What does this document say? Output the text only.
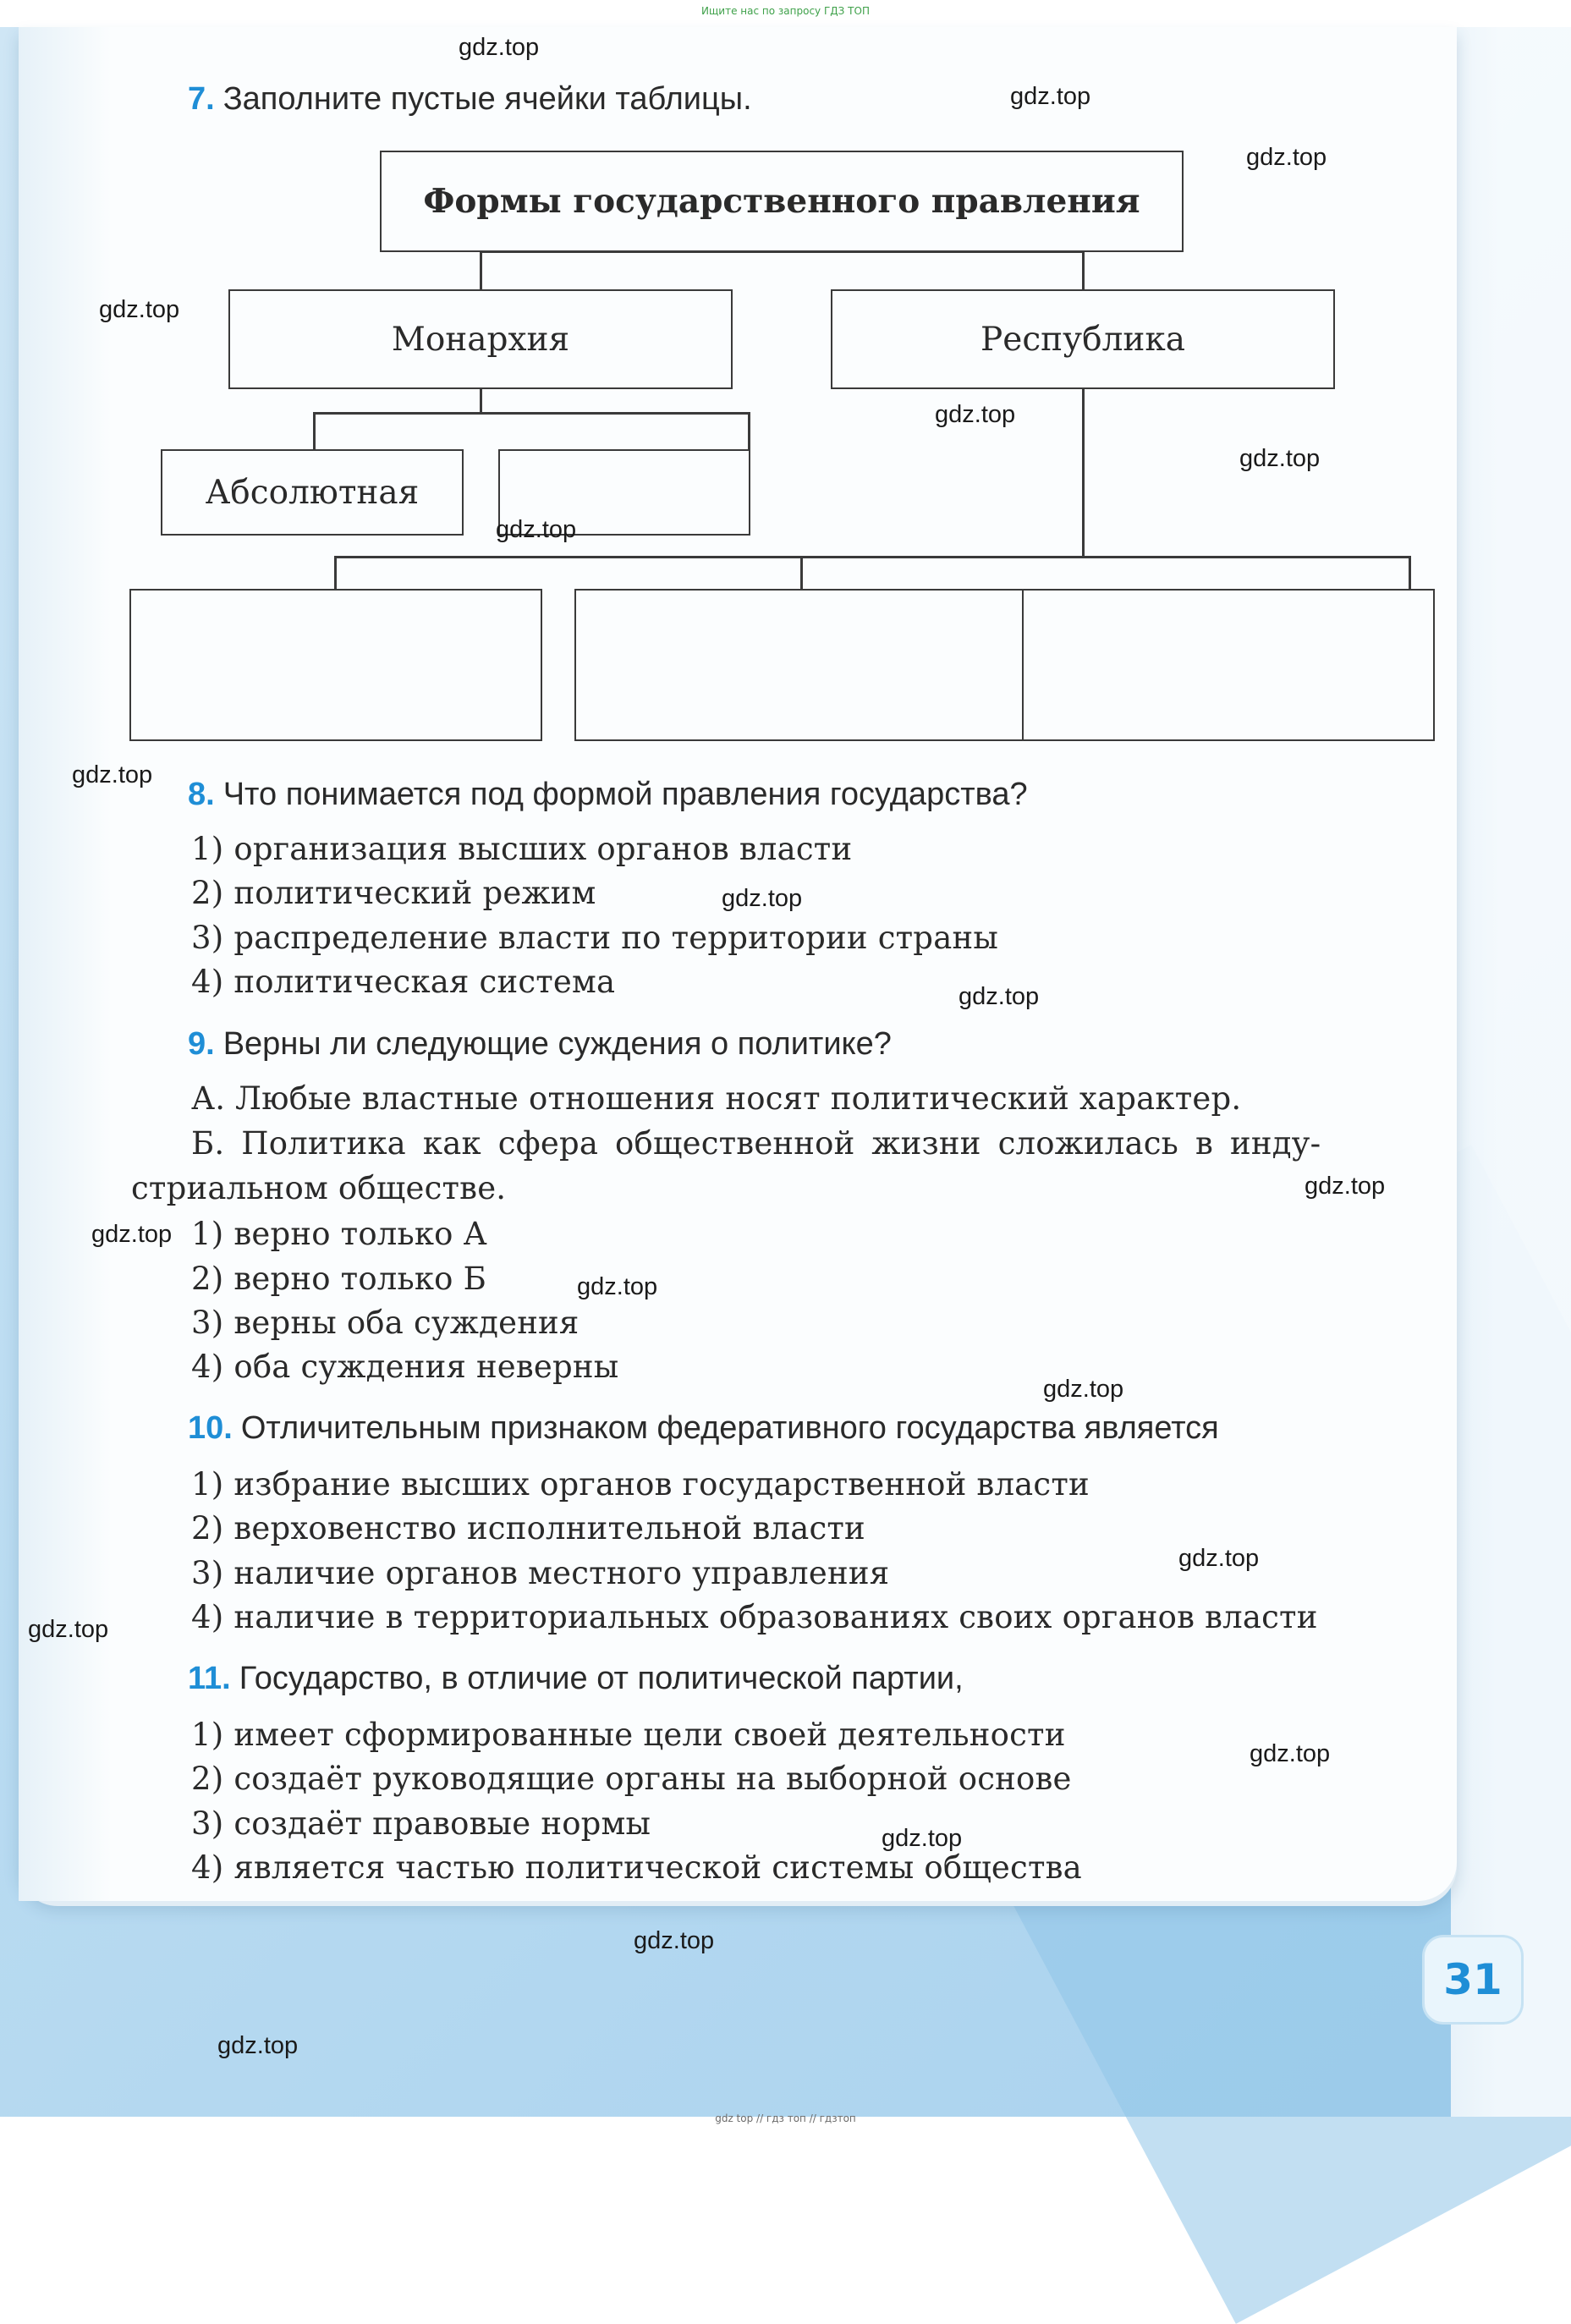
Ищите нас по запросу ГДЗ ТОП
7. Заполните пустые ячейки таблицы.
Формы государственного правления
Монархия	Республика
Абсолютная
8. Что понимается под формой правления государства?
1) организация высших органов власти
2) политический режим
3) распределение власти по территории страны
4) политическая система
9. Верны ли следующие суждения о политике?
А. Любые властные отношения носят политический характер.
Б. Политика как сфера общественной жизни сложилась в инду-
стриальном обществе.
1) верно только А
2) верно только Б
3) верны оба суждения
4) оба суждения неверны
10. Отличительным признаком федеративного государства является
1) избрание высших органов государственной власти
2) верховенство исполнительной власти
3) наличие органов местного управления
4) наличие в территориальных образованиях своих органов власти
11. Государство, в отличие от политической партии,
1) имеет сформированные цели своей деятельности
2) создаёт руководящие органы на выборной основе
3) создаёт правовые нормы
4) является частью политической системы общества
31
gdz.top
gdz.top
gdz.top
gdz.top
gdz.top
gdz.top
gdz.top
gdz.top
gdz.top
gdz.top
gdz.top
gdz.top
gdz.top
gdz.top
gdz.top
gdz.top
gdz.top
gdz.top
gdz.top
gdz.top
gdz top // гдз топ // гдзтоп
